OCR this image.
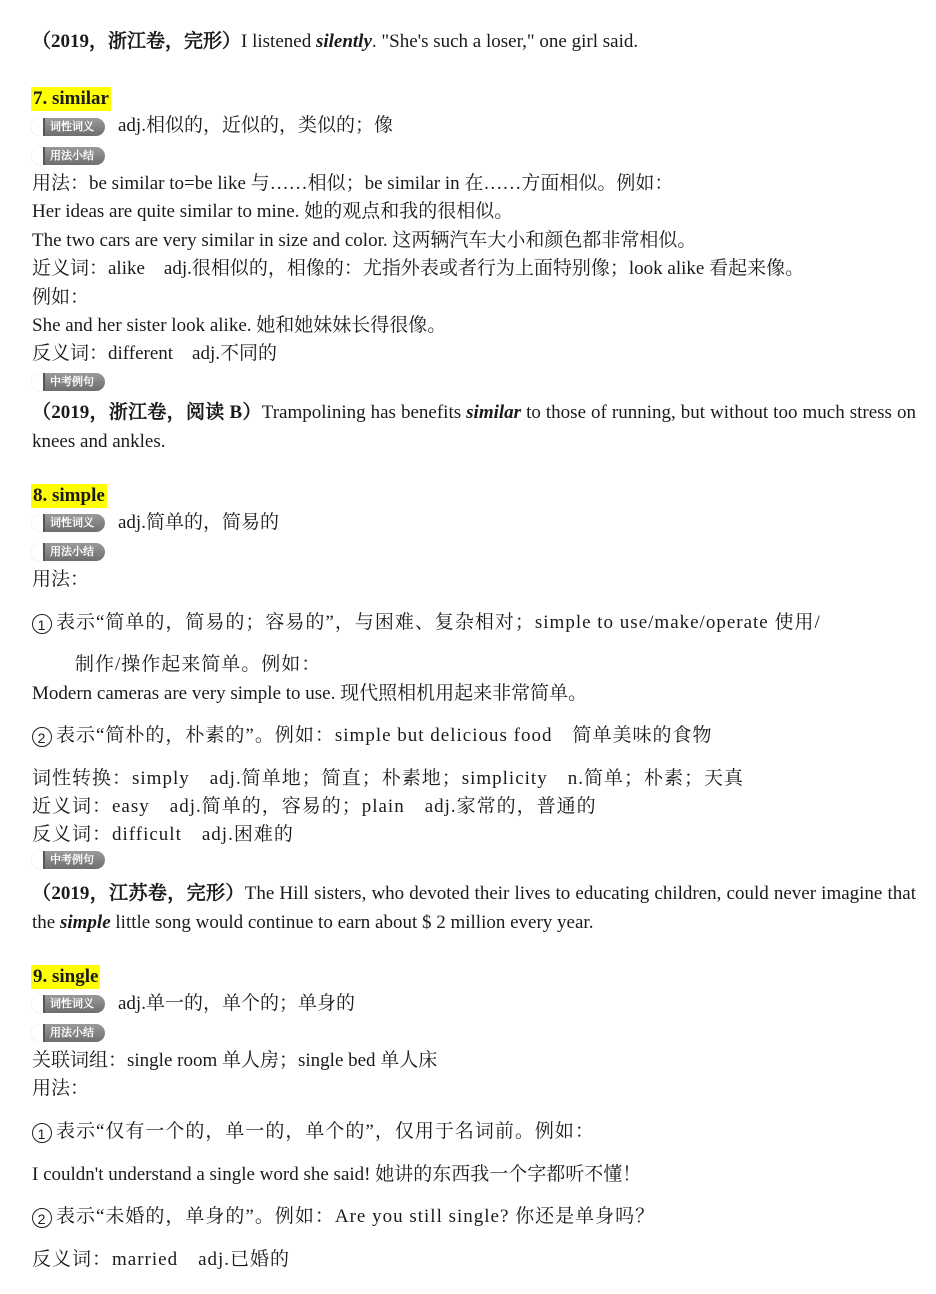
（2019，浙江卷，完形）I listened silently. "She's such a loser," one girl said.
7. similar
词性词义	adj.相似的，近似的，类似的；像
用法小结
用法：be similar to=be like 与……相似；be similar in 在……方面相似。例如：
Her ideas are quite similar to mine. 她的观点和我的很相似。
The two cars are very similar in size and color. 这两辆汽车大小和颜色都非常相似。
近义词：alike　adj.很相似的，相像的：尤指外表或者行为上面特别像；look alike 看起来像。
例如：
She and her sister look alike. 她和她妹妹长得很像。
反义词：different　adj.不同的
中考例句
（2019，浙江卷，阅读 B）Trampolining has benefits similar to those of running, but without too much stress on knees and ankles.
8. simple
词性词义	adj.简单的，简易的
用法小结
用法：
1 表示“简单的，简易的；容易的”，与困难、复杂相对；simple to use/make/operate 使用/
制作/操作起来简单。例如：
Modern cameras are very simple to use. 现代照相机用起来非常简单。
2 表示“简朴的，朴素的”。例如：simple but delicious food　简单美味的食物
词性转换：simply　adj.简单地；简直；朴素地；simplicity　n.简单；朴素；天真
近义词：easy　adj.简单的，容易的；plain　adj.家常的，普通的
反义词：difficult　adj.困难的
中考例句
（2019，江苏卷，完形）The Hill sisters, who devoted their lives to educating children, could never imagine that the simple little song would continue to earn about $ 2 million every year.
9. single
词性词义	adj.单一的，单个的；单身的
用法小结
关联词组：single room 单人房；single bed 单人床
用法：
1 表示“仅有一个的，单一的，单个的”，仅用于名词前。例如：
I couldn't understand a single word she said! 她讲的东西我一个字都听不懂！
2 表示“未婚的，单身的”。例如：Are you still single? 你还是单身吗？
反义词：married　adj.已婚的
